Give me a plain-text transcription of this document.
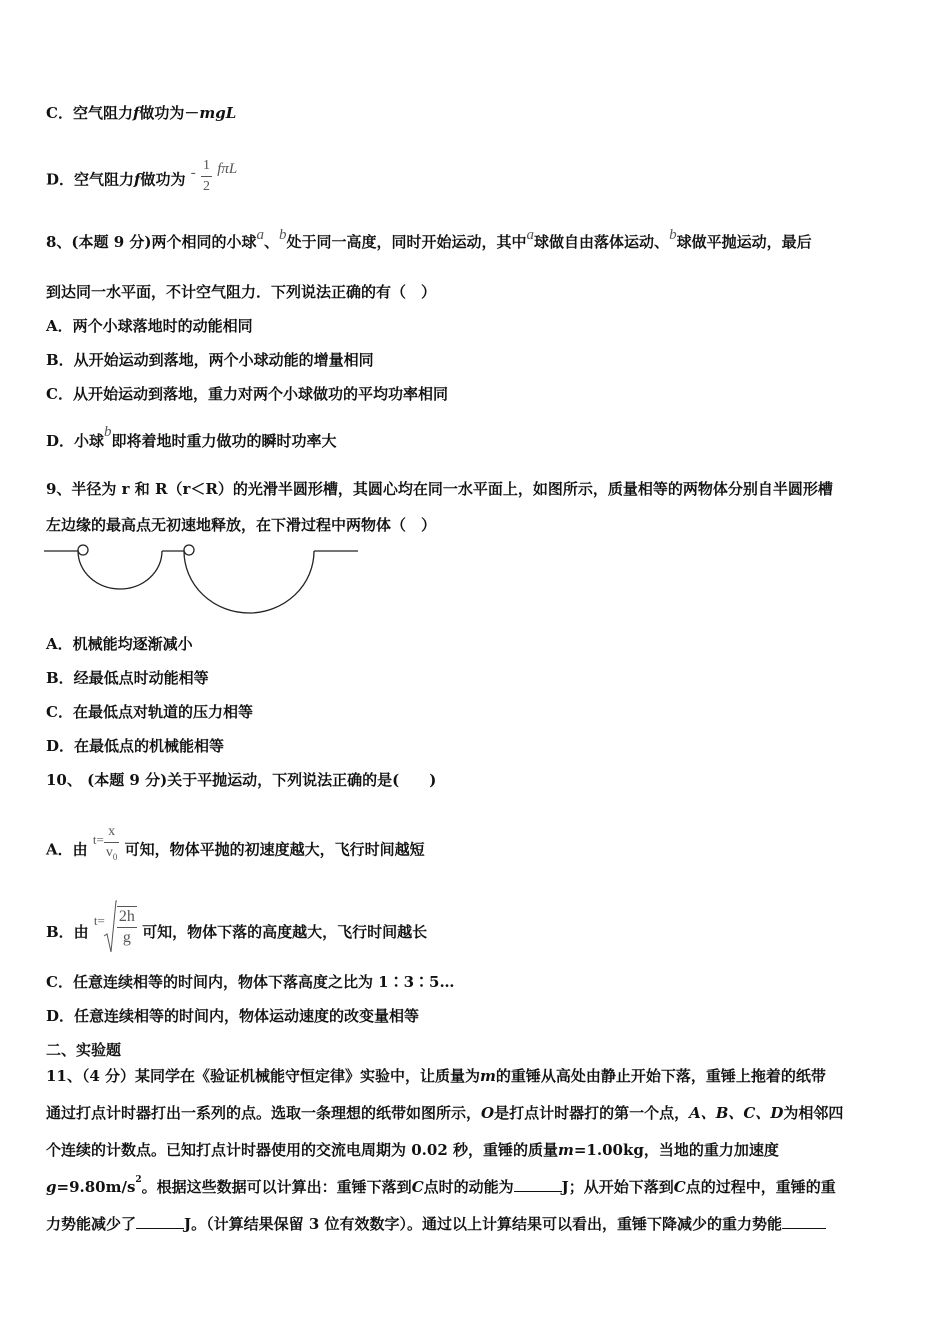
C．空气阻力f做功为－mgL
D．空气阻力f做功为 - $\frac{1}{2}$ fπL
8、(本题 9 分)两个相同的小球a、b处于同一高度，同时开始运动，其中a球做自由落体运动、b球做平抛运动，最后
到达同一水平面，不计空气阻力．下列说法正确的有（　）
A．两个小球落地时的动能相同
B．从开始运动到落地，两个小球动能的增量相同
C．从开始运动到落地，重力对两个小球做功的平均功率相同
D．小球b即将着地时重力做功的瞬时功率大
9、半径为 r 和 R（r＜R）的光滑半圆形槽，其圆心均在同一水平面上，如图所示，质量相等的两物体分别自半圆形槽
左边缘的最高点无初速地释放，在下滑过程中两物体（　）
A．机械能均逐渐减小
B．经最低点时动能相等
C．在最低点对轨道的压力相等
D．在最低点的机械能相等
10、 (本题 9 分)关于平抛运动，下列说法正确的是(　　)
A．由 $t= \frac{x}{v_0}$ 可知，物体平抛的初速度越大，飞行时间越短
B．由 $t= \frac{2h}{g}$ 可知，物体下落的高度越大，飞行时间越长
C．任意连续相等的时间内，物体下落高度之比为 1∶3∶5…
D．任意连续相等的时间内，物体运动速度的改变量相等
二、实验题
11、（4 分）某同学在《验证机械能守恒定律》实验中，让质量为m的重锤从高处由静止开始下落，重锤上拖着的纸带
通过打点计时器打出一系列的点。选取一条理想的纸带如图所示，O是打点计时器打的第一个点，A、B、C、D为相邻四
个连续的计数点。已知打点计时器使用的交流电周期为 0.02 秒，重锤的质量m=1.00kg，当地的重力加速度
$g=9.80m/s^2$。根据这些数据可以计算出：重锤下落到C点时的动能为	J；从开始下落到C点的过程中，重锤的重
力势能减少了	J。（计算结果保留 3 位有效数字）。通过以上计算结果可以看出，重锤下降减少的重力势能
